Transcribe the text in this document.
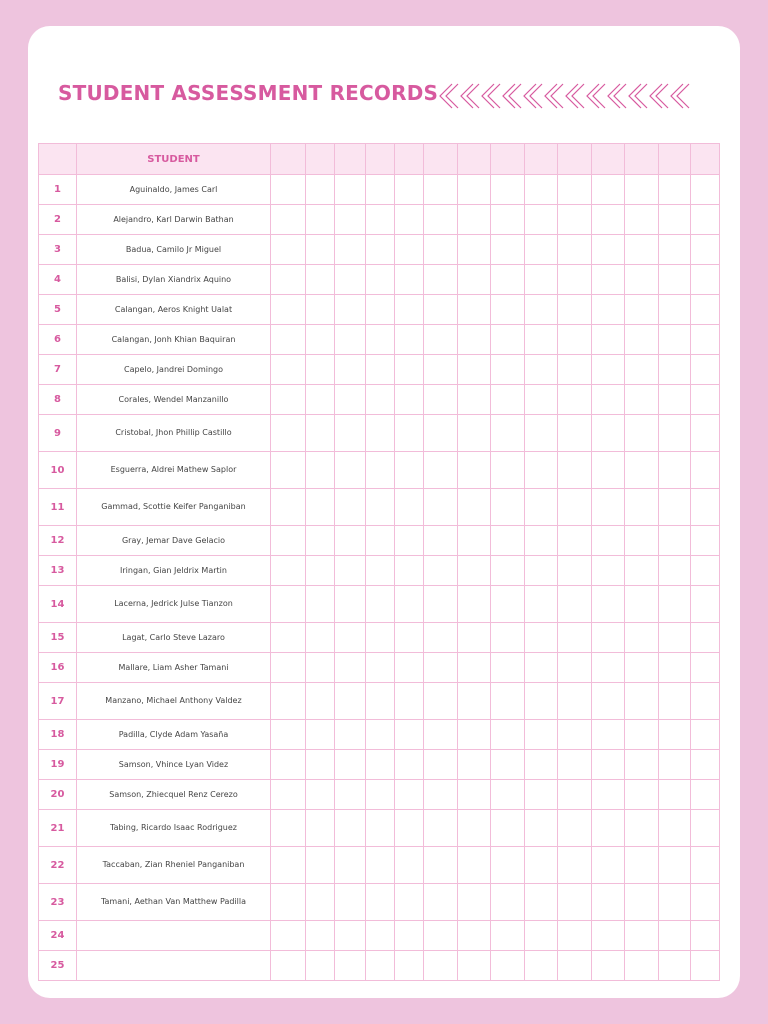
STUDENT ASSESSMENT RECORDS
	STUDENT														
1	Aguinaldo, James Carl														
2	Alejandro, Karl Darwin Bathan														
3	Badua, Camilo Jr Miguel														
4	Balisi, Dylan Xiandrix Aquino														
5	Calangan, Aeros Knight Ualat														
6	Calangan, Jonh Khian Baquiran														
7	Capelo, Jandrei Domingo														
8	Corales, Wendel Manzanillo														
9	Cristobal, Jhon Phillip Castillo														
10	Esguerra, Aldrei Mathew Saplor														
11	Gammad, Scottie Keifer Panganiban														
12	Gray, Jemar Dave Gelacio														
13	Iringan, Gian Jeldrix Martin														
14	Lacerna, Jedrick Julse Tianzon														
15	Lagat, Carlo Steve Lazaro														
16	Mallare, Liam Asher Tamani														
17	Manzano, Michael Anthony Valdez														
18	Padilla, Clyde Adam Yasaña														
19	Samson, Vhince Lyan Videz														
20	Samson, Zhiecquel Renz Cerezo														
21	Tabing, Ricardo Isaac Rodriguez														
22	Taccaban, Zian Rheniel Panganiban														
23	Tamani, Aethan Van Matthew Padilla														
24															
25															
